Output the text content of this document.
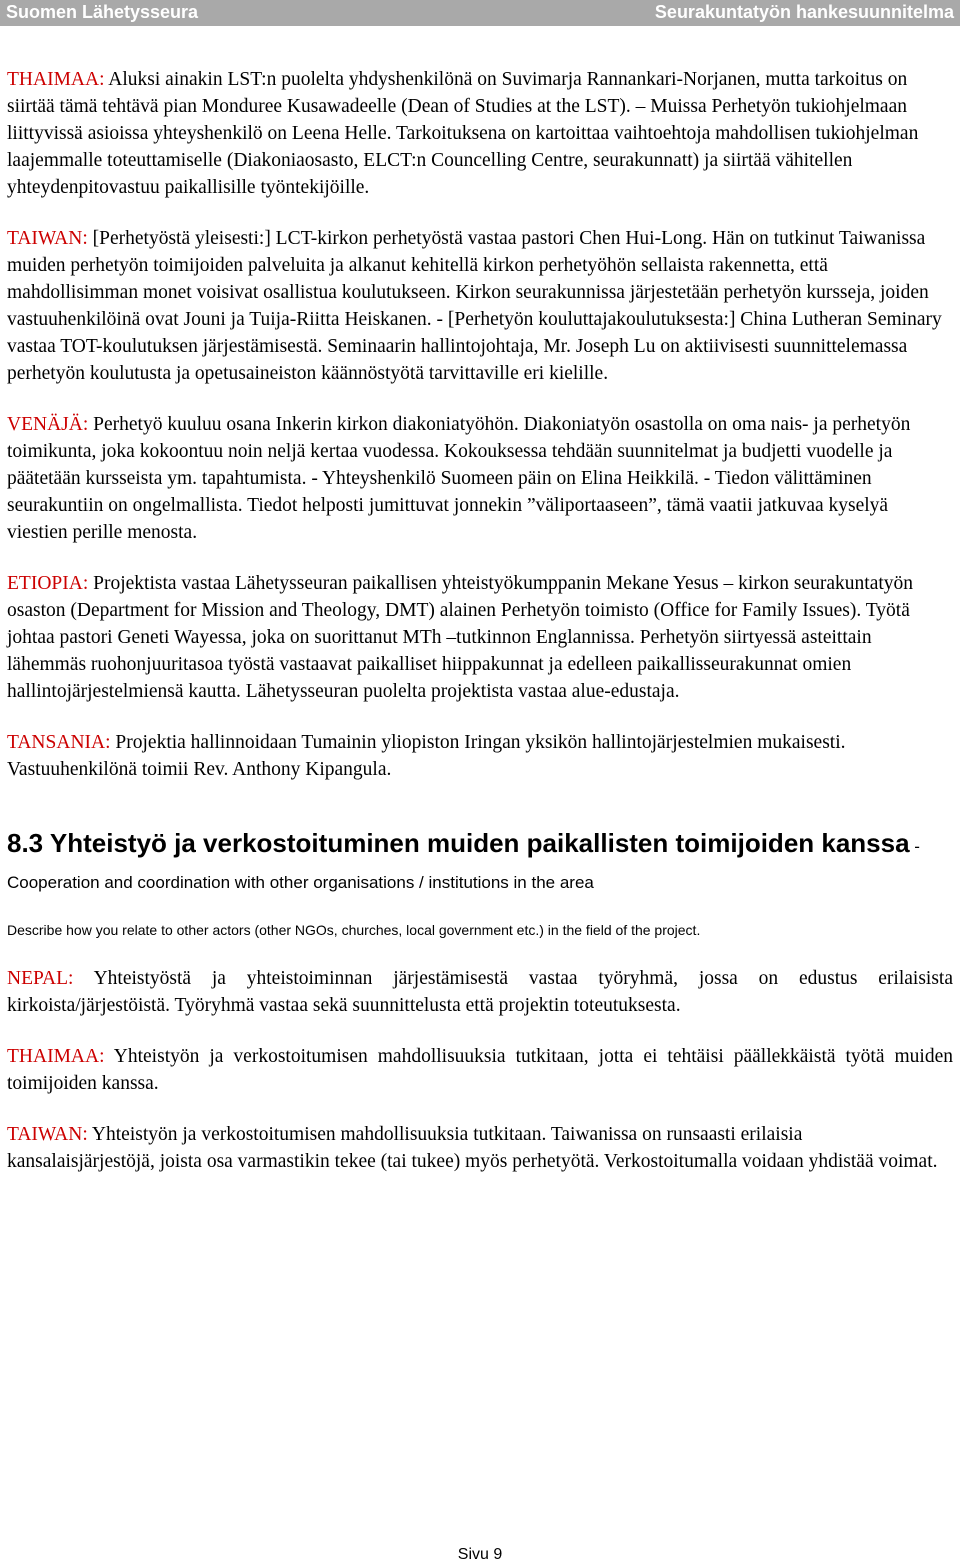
Suomen Lähetysseura	Seurakuntatyön hankesuunnitelma

THAIMAA: Aluksi ainakin LST:n puolelta yhdyshenkilönä on Suvimarja Rannankari-Norjanen, mutta tarkoitus on siirtää tämä tehtävä pian Monduree Kusawadeelle (Dean of Studies at the LST). – Muissa Perhetyön tukiohjelmaan liittyvissä asioissa yhteyshenkilö on Leena Helle. Tarkoituksena on kartoittaa vaihtoehtoja mahdollisen tukiohjelman laajemmalle toteuttamiselle (Diakoniaosasto, ELCT:n Councelling Centre, seurakunnatt) ja siirtää vähitellen yhteydenpitovastuu paikallisille työntekijöille.

TAIWAN: [Perhetyöstä yleisesti:] LCT-kirkon perhetyöstä vastaa pastori Chen Hui-Long. Hän on tutkinut Taiwanissa muiden perhetyön toimijoiden palveluita ja alkanut kehitellä kirkon perhetyöhön sellaista rakennetta, että mahdollisimman monet voisivat osallistua koulutukseen. Kirkon seurakunnissa järjestetään perhetyön kursseja, joiden vastuuhenkilöinä ovat Jouni ja Tuija-Riitta Heiskanen. - [Perhetyön kouluttajakoulutuksesta:] China Lutheran Seminary vastaa TOT-koulutuksen järjestämisestä. Seminaarin hallintojohtaja, Mr. Joseph Lu on aktiivisesti suunnittelemassa perhetyön koulutusta ja opetusaineiston käännöstyötä tarvittaville eri kielille.

VENÄJÄ: Perhetyö kuuluu osana Inkerin kirkon diakoniatyöhön. Diakoniatyön osastolla on oma nais- ja perhetyön toimikunta, joka kokoontuu noin neljä kertaa vuodessa. Kokouksessa tehdään suunnitelmat ja budjetti vuodelle ja päätetään kursseista ym. tapahtumista. - Yhteyshenkilö Suomeen päin on Elina Heikkilä. - Tiedon välittäminen seurakuntiin on ongelmallista. Tiedot helposti jumittuvat jonnekin ”väliportaaseen”, tämä vaatii jatkuvaa kyselyä viestien perille menosta.

ETIOPIA: Projektista vastaa Lähetysseuran paikallisen yhteistyökumppanin Mekane Yesus – kirkon seurakuntatyön osaston (Department for Mission and Theology, DMT) alainen Perhetyön toimisto (Office for Family Issues). Työtä johtaa pastori Geneti Wayessa, joka on suorittanut MTh –tutkinnon Englannissa. Perhetyön siirtyessä asteittain lähemmäs ruohonjuuritasoa työstä vastaavat paikalliset hiippakunnat ja edelleen paikallisseurakunnat omien hallintojärjestelmiensä kautta. Lähetysseuran puolelta projektista vastaa alue-edustaja.

TANSANIA: Projektia hallinnoidaan Tumainin yliopiston Iringan yksikön hallintojärjestelmien mukaisesti. Vastuuhenkilönä toimii Rev. Anthony Kipangula.

8.3 Yhteistyö ja verkostoituminen muiden paikallisten toimijoiden kanssa - Cooperation and coordination with other organisations / institutions in the area

Describe how you relate to other actors (other NGOs, churches, local government etc.) in the field of the project.

NEPAL: Yhteistyöstä ja yhteistoiminnan järjestämisestä vastaa työryhmä, jossa on edustus erilaisista kirkoista/järjestöistä. Työryhmä vastaa sekä suunnittelusta että projektin toteutuksesta.

THAIMAA: Yhteistyön ja verkostoitumisen mahdollisuuksia tutkitaan, jotta ei tehtäisi päällekkäistä työtä muiden toimijoiden kanssa.

TAIWAN: Yhteistyön ja verkostoitumisen mahdollisuuksia tutkitaan. Taiwanissa on runsaasti erilaisia kansalaisjärjestöjä, joista osa varmastikin tekee (tai tukee) myös perhetyötä. Verkostoitumalla voidaan yhdistää voimat.

Sivu 9
